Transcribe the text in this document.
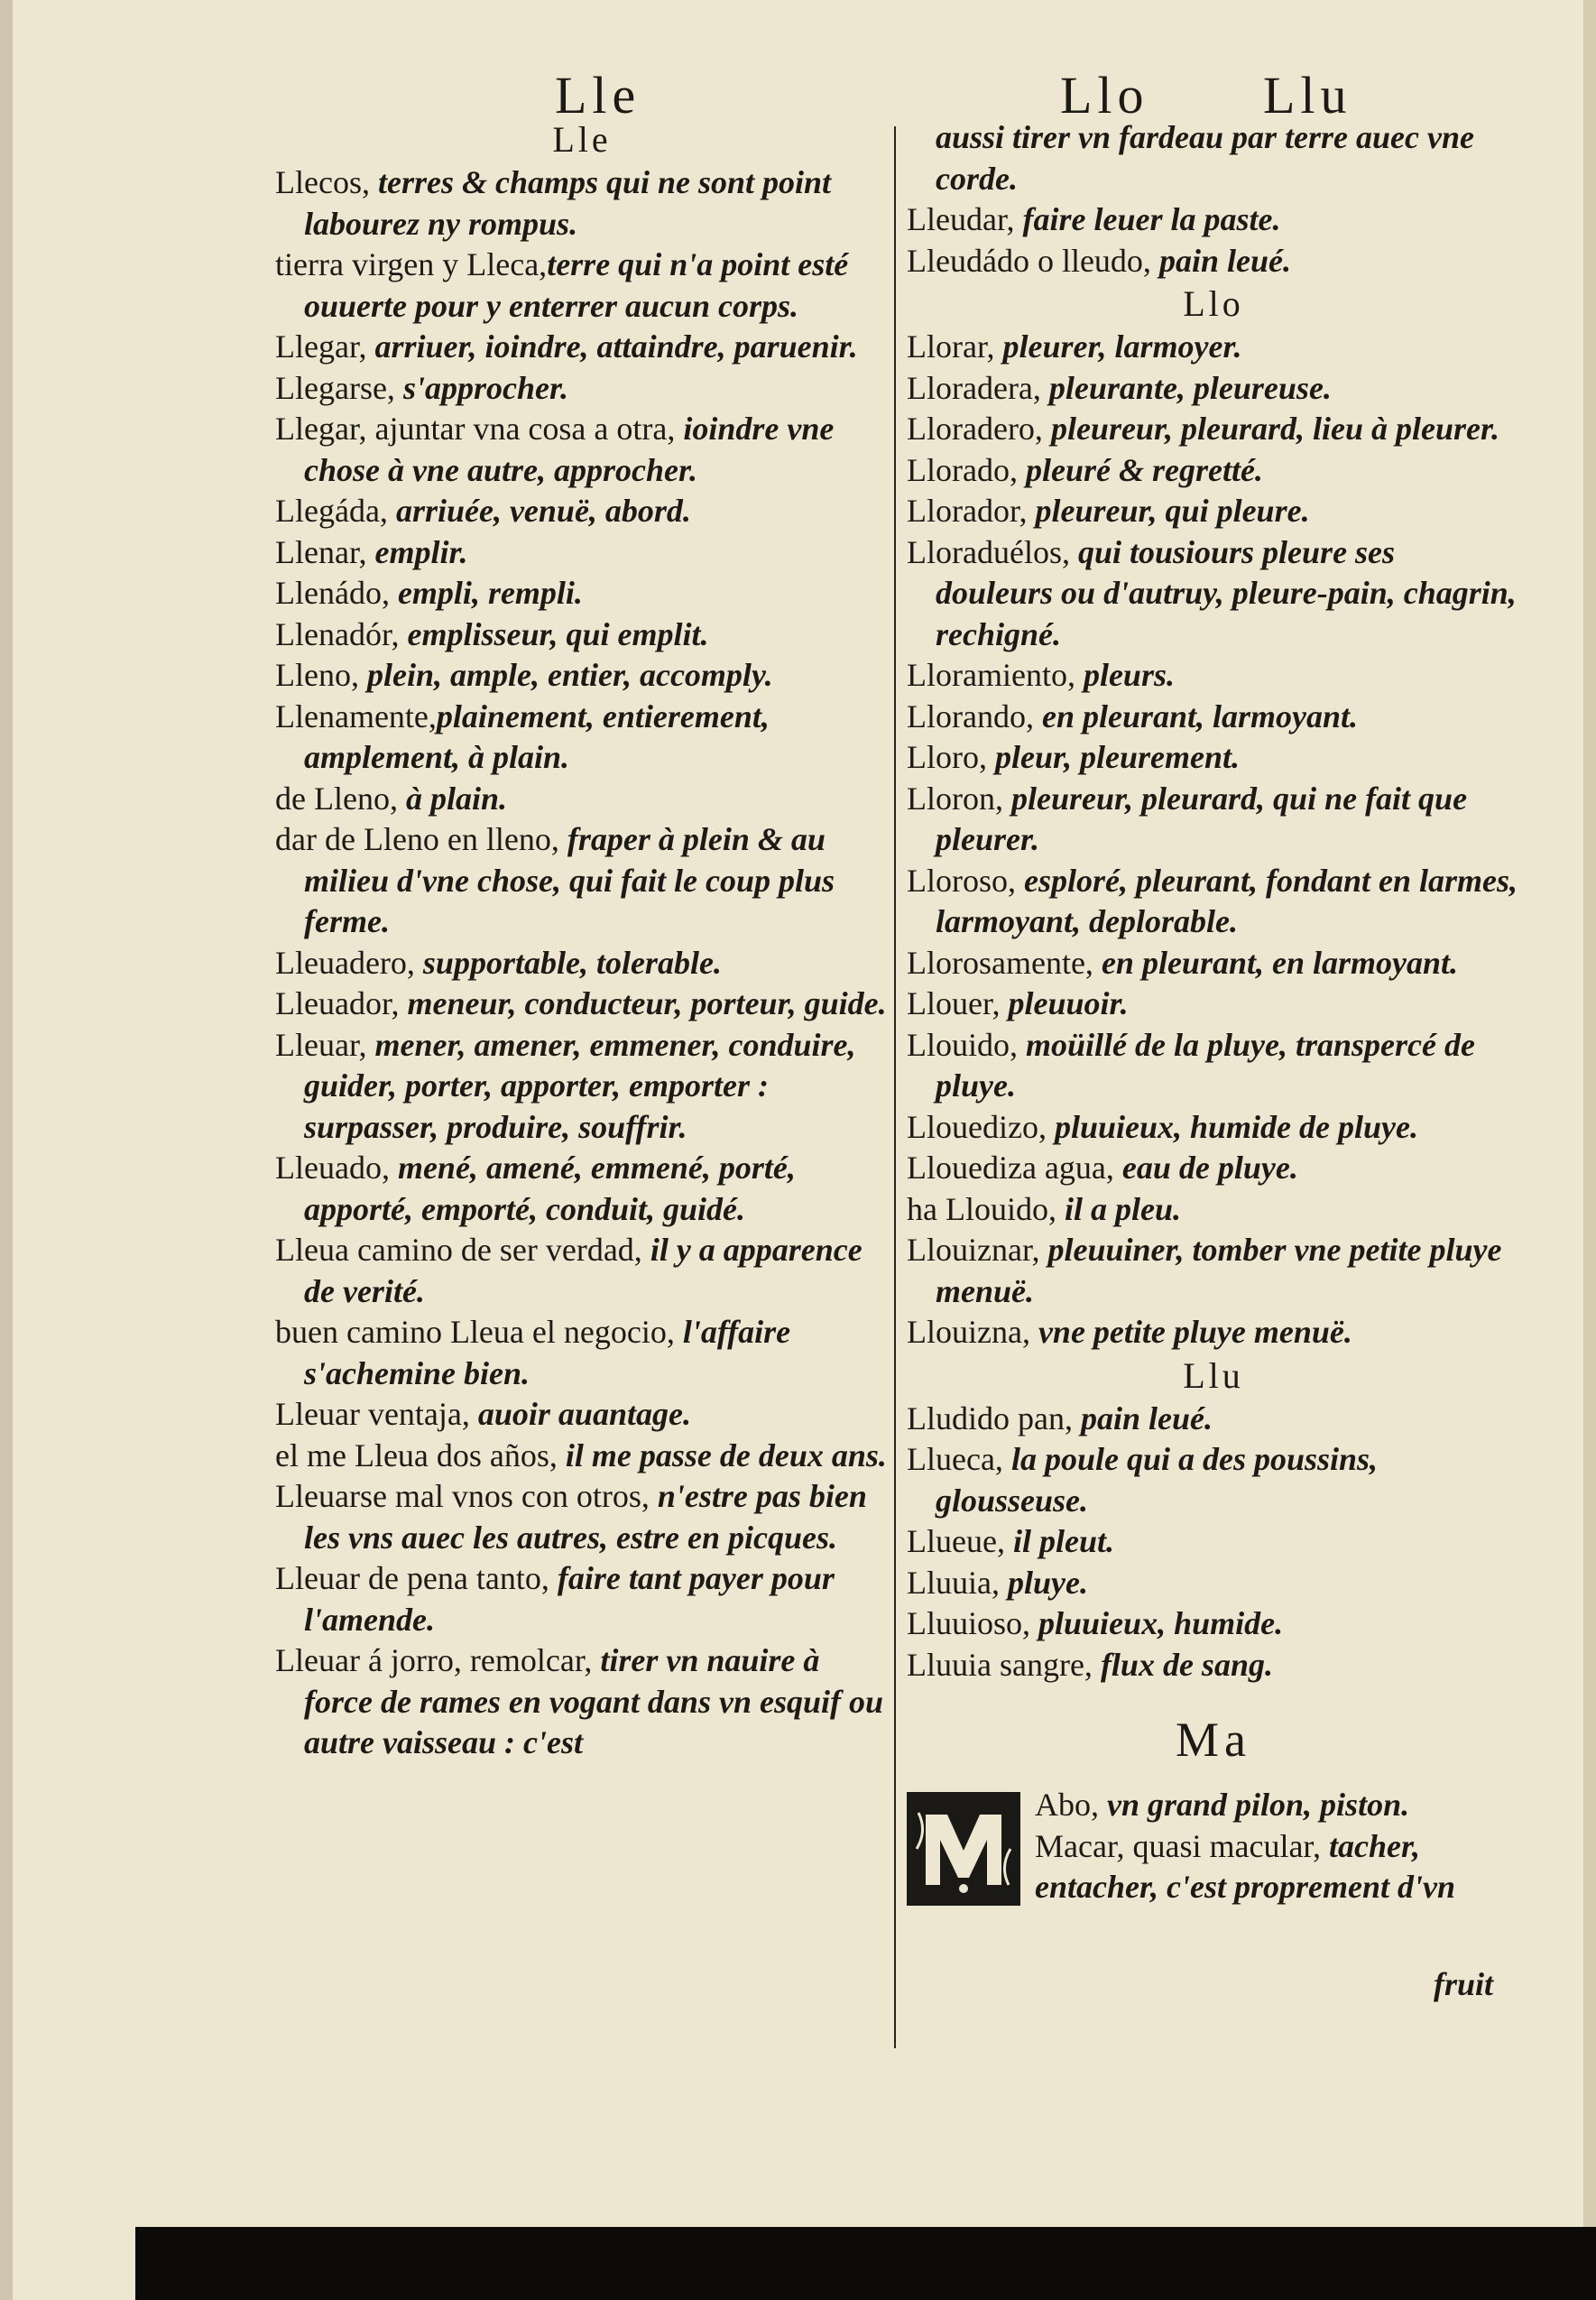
Lle	Llo Llu
Lle
Llecos, terres & champs qui ne sont point labourez ny rompus.
tierra virgen y Lleca,terre qui n'a point esté ouuerte pour y enterrer aucun corps.
Llegar, arriuer, ioindre, attaindre, paruenir.
Llegarse, s'approcher.
Llegar, ajuntar vna cosa a otra, ioindre vne chose à vne autre, approcher.
Llegáda, arriuée, venuë, abord.
Llenar, emplir.
Llenádo, empli, rempli.
Llenadór, emplisseur, qui emplit.
Lleno, plein, ample, entier, accomply.
Llenamente,plainement, entierement, amplement, à plain.
de Lleno, à plain.
dar de Lleno en lleno, fraper à plein & au milieu d'vne chose, qui fait le coup plus ferme.
Lleuadero, supportable, tolerable.
Lleuador, meneur, conducteur, porteur, guide.
Lleuar, mener, amener, emmener, conduire, guider, porter, apporter, emporter : surpasser, produire, souffrir.
Lleuado, mené, amené, emmené, porté, apporté, emporté, conduit, guidé.
Lleua camino de ser verdad, il y a apparence de verité.
buen camino Lleua el negocio, l'affaire s'achemine bien.
Lleuar ventaja, auoir auantage.
el me Lleua dos años, il me passe de deux ans.
Lleuarse mal vnos con otros, n'estre pas bien les vns auec les autres, estre en picques.
Lleuar de pena tanto, faire tant payer pour l'amende.
Lleuar á jorro, remolcar, tirer vn nauire à force de rames en vogant dans vn esquif ou autre vaisseau : c'est
aussi tirer vn fardeau par terre auec vne corde.
Lleudar, faire leuer la paste.
Lleudádo o lleudo, pain leué.
Llo
Llorar, pleurer, larmoyer.
Lloradera, pleurante, pleureuse.
Lloradero, pleureur, pleurard, lieu à pleurer.
Llorado, pleuré & regretté.
Llorador, pleureur, qui pleure.
Lloraduélos, qui tousiours pleure ses douleurs ou d'autruy, pleure-pain, chagrin, rechigné.
Lloramiento, pleurs.
Llorando, en pleurant, larmoyant.
Lloro, pleur, pleurement.
Lloron, pleureur, pleurard, qui ne fait que pleurer.
Lloroso, esploré, pleurant, fondant en larmes, larmoyant, deplorable.
Llorosamente, en pleurant, en larmoyant.
Llouer, pleuuoir.
Llouido, moüillé de la pluye, transpercé de pluye.
Llouedizo, pluuieux, humide de pluye.
Llouediza agua, eau de pluye.
ha Llouido, il a pleu.
Llouiznar, pleuuiner, tomber vne petite pluye menuë.
Llouizna, vne petite pluye menuë.
Llu
Lludido pan, pain leué.
Llueca, la poule qui a des poussins, glousseuse.
Llueue, il pleut.
Lluuia, pluye.
Lluuioso, pluuieux, humide.
Lluuia sangre, flux de sang.
Ma
Abo, vn grand pilon, piston.
Macar, quasi macular, tacher, entacher, c'est proprement d'vn
fruit
